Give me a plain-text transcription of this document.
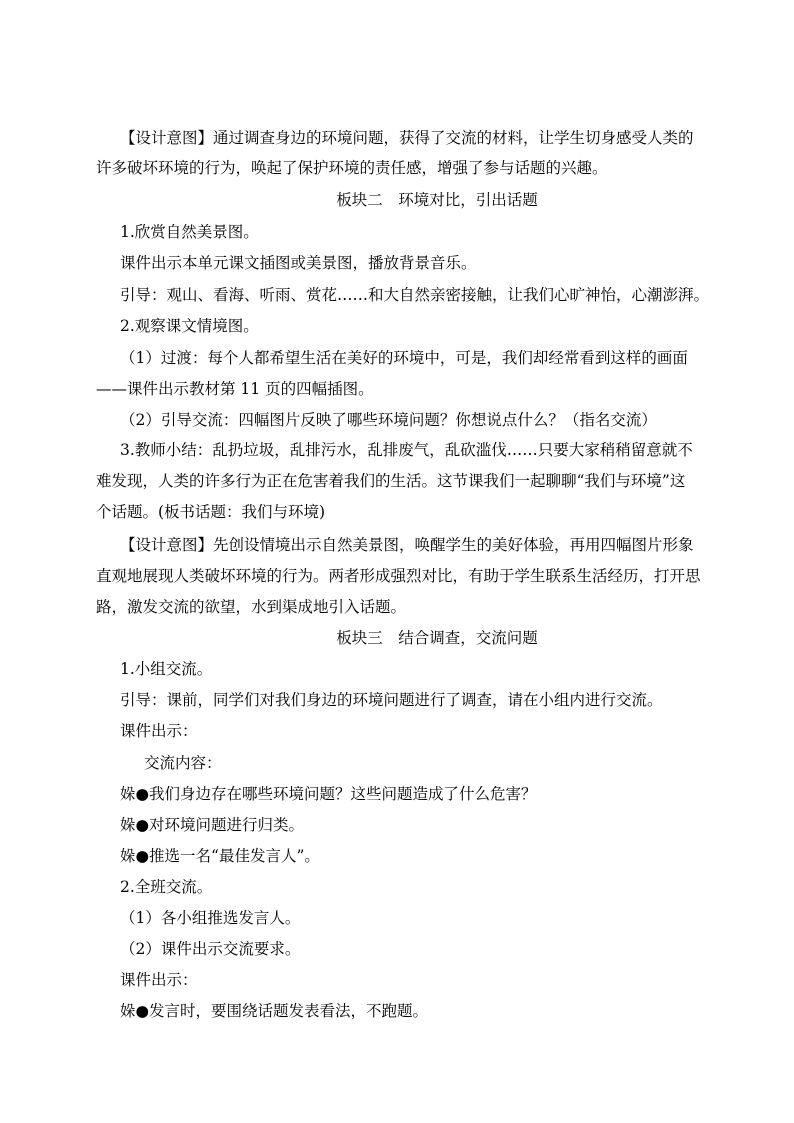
【设计意图】通过调查身边的环境问题，获得了交流的材料，让学生切身感受人类的
许多破坏环境的行为，唤起了保护环境的责任感，增强了参与话题的兴趣。
板块二　环境对比，引出话题
1.欣赏自然美景图。
课件出示本单元课文插图或美景图，播放背景音乐。
引导：观山、看海、听雨、赏花……和大自然亲密接触，让我们心旷神怡，心潮澎湃。
2.观察课文情境图。
（1）过渡：每个人都希望生活在美好的环境中，可是，我们却经常看到这样的画面
——课件出示教材第 11 页的四幅插图。
（2）引导交流：四幅图片反映了哪些环境问题？你想说点什么？（指名交流）
3.教师小结：乱扔垃圾，乱排污水，乱排废气，乱砍滥伐……只要大家稍稍留意就不
难发现，人类的许多行为正在危害着我们的生活。这节课我们一起聊聊“我们与环境”这
个话题。(板书话题：我们与环境)
【设计意图】先创设情境出示自然美景图，唤醒学生的美好体验，再用四幅图片形象
直观地展现人类破坏环境的行为。两者形成强烈对比，有助于学生联系生活经历，打开思
路，激发交流的欲望，水到渠成地引入话题。
板块三　结合调查，交流问题
1.小组交流。
引导：课前，同学们对我们身边的环境问题进行了调查，请在小组内进行交流。
课件出示：
交流内容：
㛊●我们身边存在哪些环境问题？这些问题造成了什么危害？
㛊●对环境问题进行归类。
㛊●推选一名“最佳发言人”。
2.全班交流。
（1）各小组推选发言人。
（2）课件出示交流要求。
课件出示：
㛊●发言时，要围绕话题发表看法，不跑题。
